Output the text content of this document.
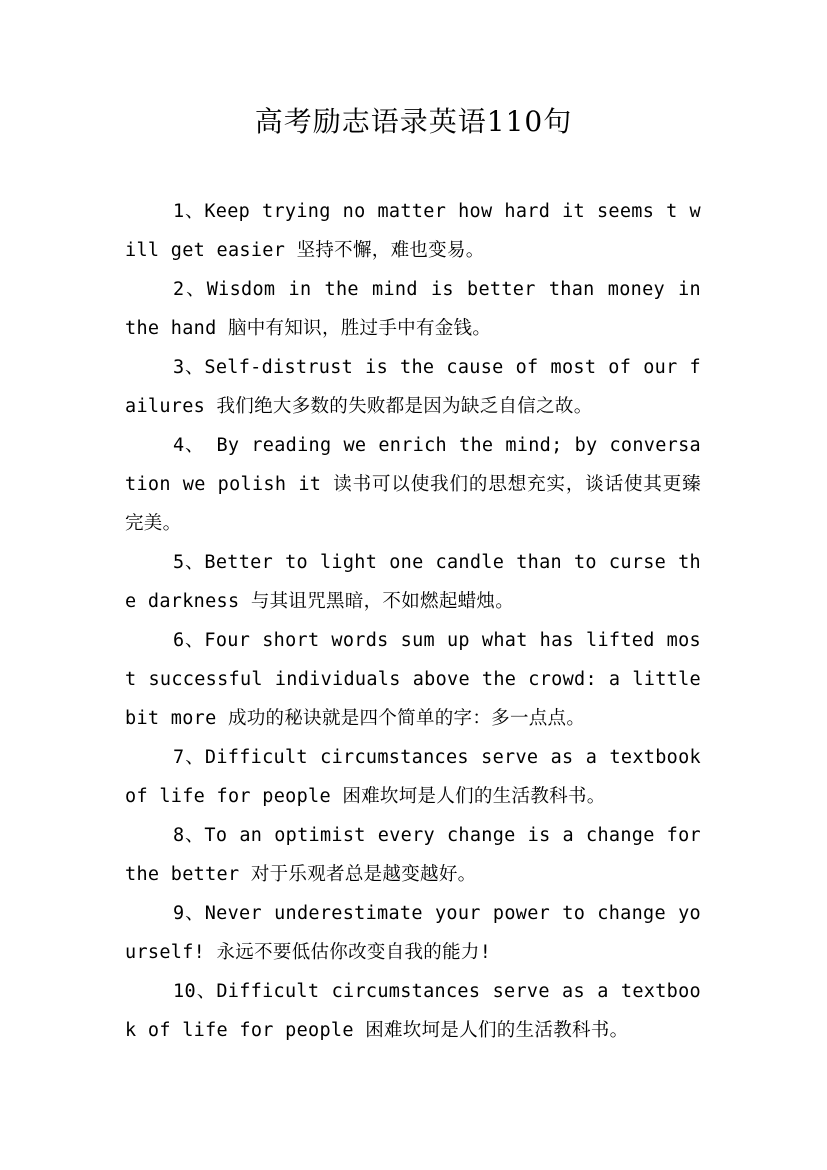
高考励志语录英语110句

1、Keep trying no matter how hard it seems t will get easier 坚持不懈，难也变易。

2、Wisdom in the mind is better than money in the hand 脑中有知识，胜过手中有金钱。

3、Self-distrust is the cause of most of our failures 我们绝大多数的失败都是因为缺乏自信之故。

4、 By reading we enrich the mind; by conversation we polish it 读书可以使我们的思想充实，谈话使其更臻完美。

5、Better to light one candle than to curse the darkness 与其诅咒黑暗，不如燃起蜡烛。

6、Four short words sum up what has lifted most successful individuals above the crowd: a little bit more 成功的秘诀就是四个简单的字：多一点点。

7、Difficult circumstances serve as a textbook of life for people 困难坎坷是人们的生活教科书。

8、To an optimist every change is a change for the better 对于乐观者总是越变越好。

9、Never underestimate your power to change yourself! 永远不要低估你改变自我的能力!

10、Difficult circumstances serve as a textbook of life for people 困难坎坷是人们的生活教科书。
